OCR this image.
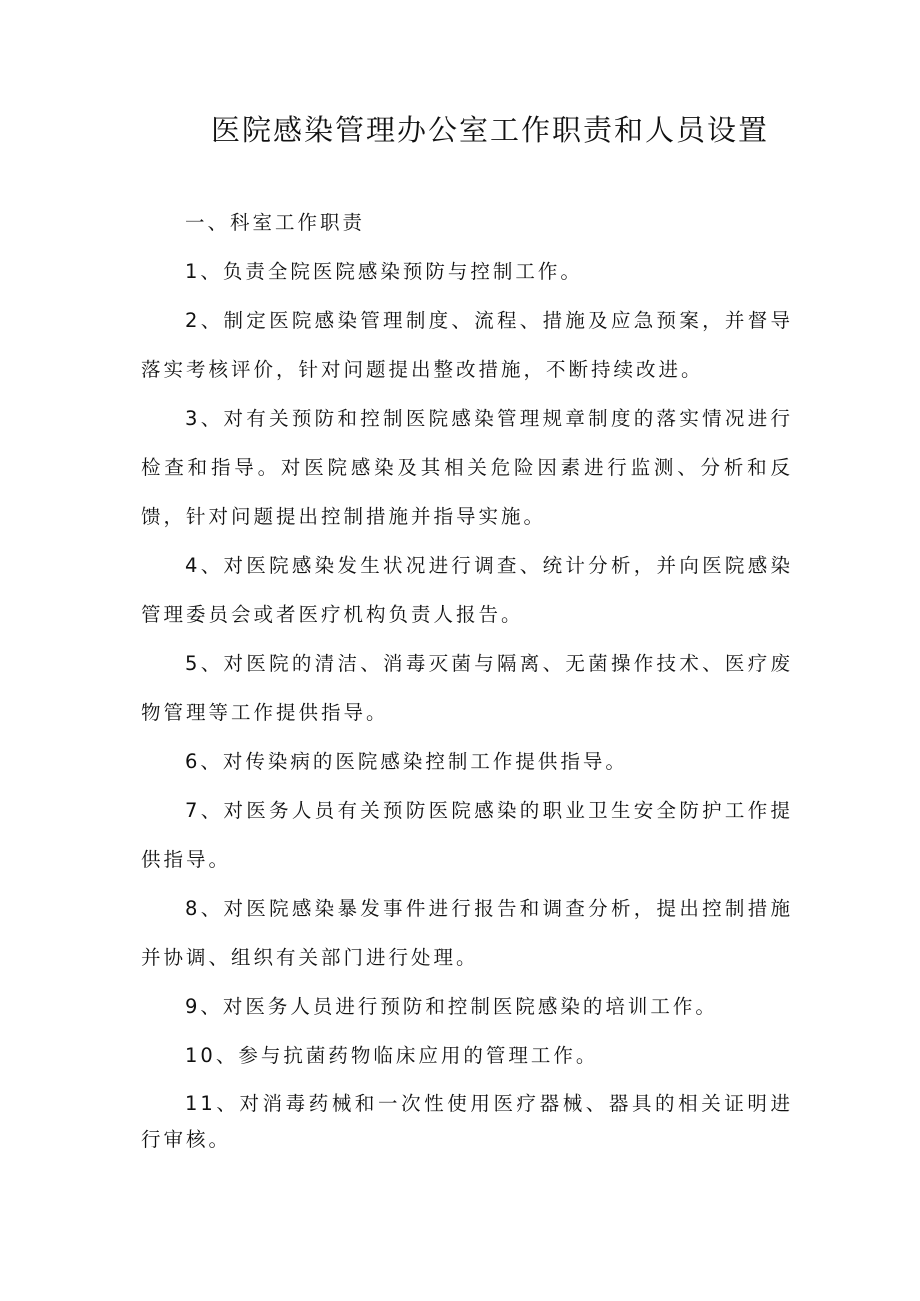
医院感染管理办公室工作职责和人员设置

一、科室工作职责

1、负责全院医院感染预防与控制工作。

2、制定医院感染管理制度、流程、措施及应急预案，并督导落实考核评价，针对问题提出整改措施，不断持续改进。

3、对有关预防和控制医院感染管理规章制度的落实情况进行检查和指导。对医院感染及其相关危险因素进行监测、分析和反馈，针对问题提出控制措施并指导实施。

4、对医院感染发生状况进行调查、统计分析，并向医院感染管理委员会或者医疗机构负责人报告。

5、对医院的清洁、消毒灭菌与隔离、无菌操作技术、医疗废物管理等工作提供指导。

6、对传染病的医院感染控制工作提供指导。

7、对医务人员有关预防医院感染的职业卫生安全防护工作提供指导。

8、对医院感染暴发事件进行报告和调查分析，提出控制措施并协调、组织有关部门进行处理。

9、对医务人员进行预防和控制医院感染的培训工作。

10、参与抗菌药物临床应用的管理工作。

11、对消毒药械和一次性使用医疗器械、器具的相关证明进行审核。
